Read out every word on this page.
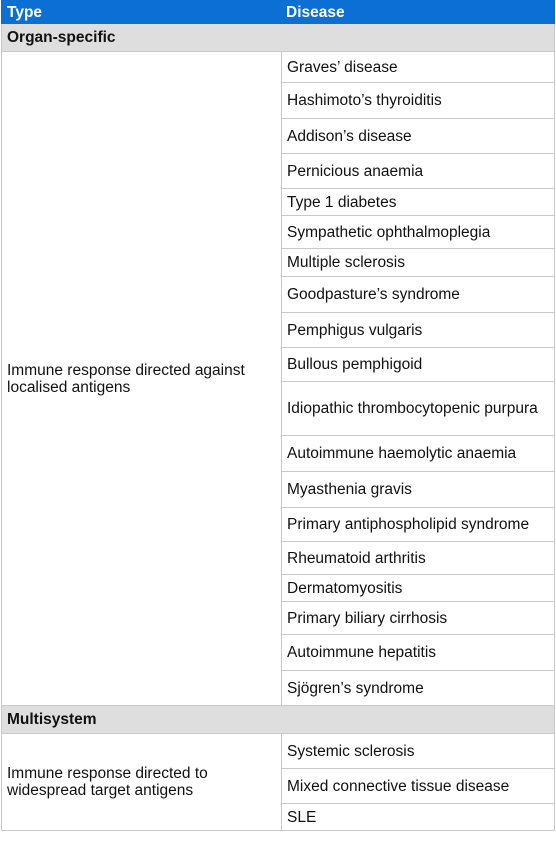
Type	Disease
Organ-specific	
Immune response directed against localised antigens	Graves’ disease
	Hashimoto’s thyroiditis
	Addison’s disease
	Pernicious anaemia
	Type 1 diabetes
	Sympathetic ophthalmoplegia
	Multiple sclerosis
	Goodpasture’s syndrome
	Pemphigus vulgaris
	Bullous pemphigoid
	Idiopathic thrombocytopenic purpura
	Autoimmune haemolytic anaemia
	Myasthenia gravis
	Primary antiphospholipid syndrome
	Rheumatoid arthritis
	Dermatomyositis
	Primary biliary cirrhosis
	Autoimmune hepatitis
	Sjögren’s syndrome
Multisystem	
Immune response directed to widespread target antigens	Systemic sclerosis
	Mixed connective tissue disease
	SLE
